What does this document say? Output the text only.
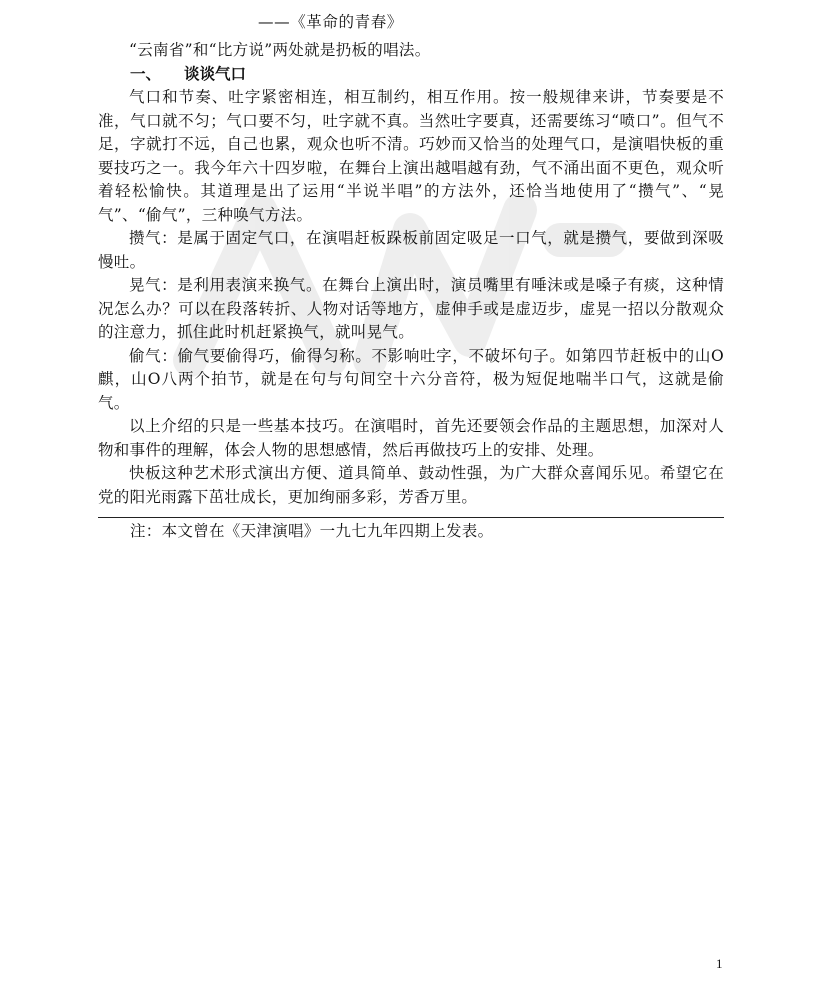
——《革命的青春》
“云南省”和“比方说”两处就是扔板的唱法。
一、 谈谈气口

气口和节奏、吐字紧密相连，相互制约，相互作用。按一般规律来讲，节奏要是不准，气口就不匀；气口要不匀，吐字就不真。当然吐字要真，还需要练习“喷口”。但气不足，字就打不远，自己也累，观众也听不清。巧妙而又恰当的处理气口，是演唱快板的重要技巧之一。我今年六十四岁啦，在舞台上演出越唱越有劲，气不涌出面不更色，观众听着轻松愉快。其道理是出了运用“半说半唱”的方法外，还恰当地使用了“攒气”、“晃气”、“偷气”，三种唤气方法。

攒气：是属于固定气口，在演唱赶板跺板前固定吸足一口气，就是攒气，要做到深吸慢吐。

晃气：是利用表演来换气。在舞台上演出时，演员嘴里有唾沫或是嗓子有痰，这种情况怎么办？可以在段落转折、人物对话等地方，虚伸手或是虚迈步，虚晃一招以分散观众的注意力，抓住此时机赶紧换气，就叫晃气。

偷气：偷气要偷得巧，偷得匀称。不影响吐字，不破坏句子。如第四节赶板中的山O麒，山O八两个拍节，就是在句与句间空十六分音符，极为短促地喘半口气，这就是偷气。

以上介绍的只是一些基本技巧。在演唱时，首先还要领会作品的主题思想，加深对人物和事件的理解，体会人物的思想感情，然后再做技巧上的安排、处理。

快板这种艺术形式演出方便、道具简单、鼓动性强，为广大群众喜闻乐见。希望它在党的阳光雨露下茁壮成长，更加绚丽多彩，芳香万里。

注：本文曾在《天津演唱》一九七九年四期上发表。
1
